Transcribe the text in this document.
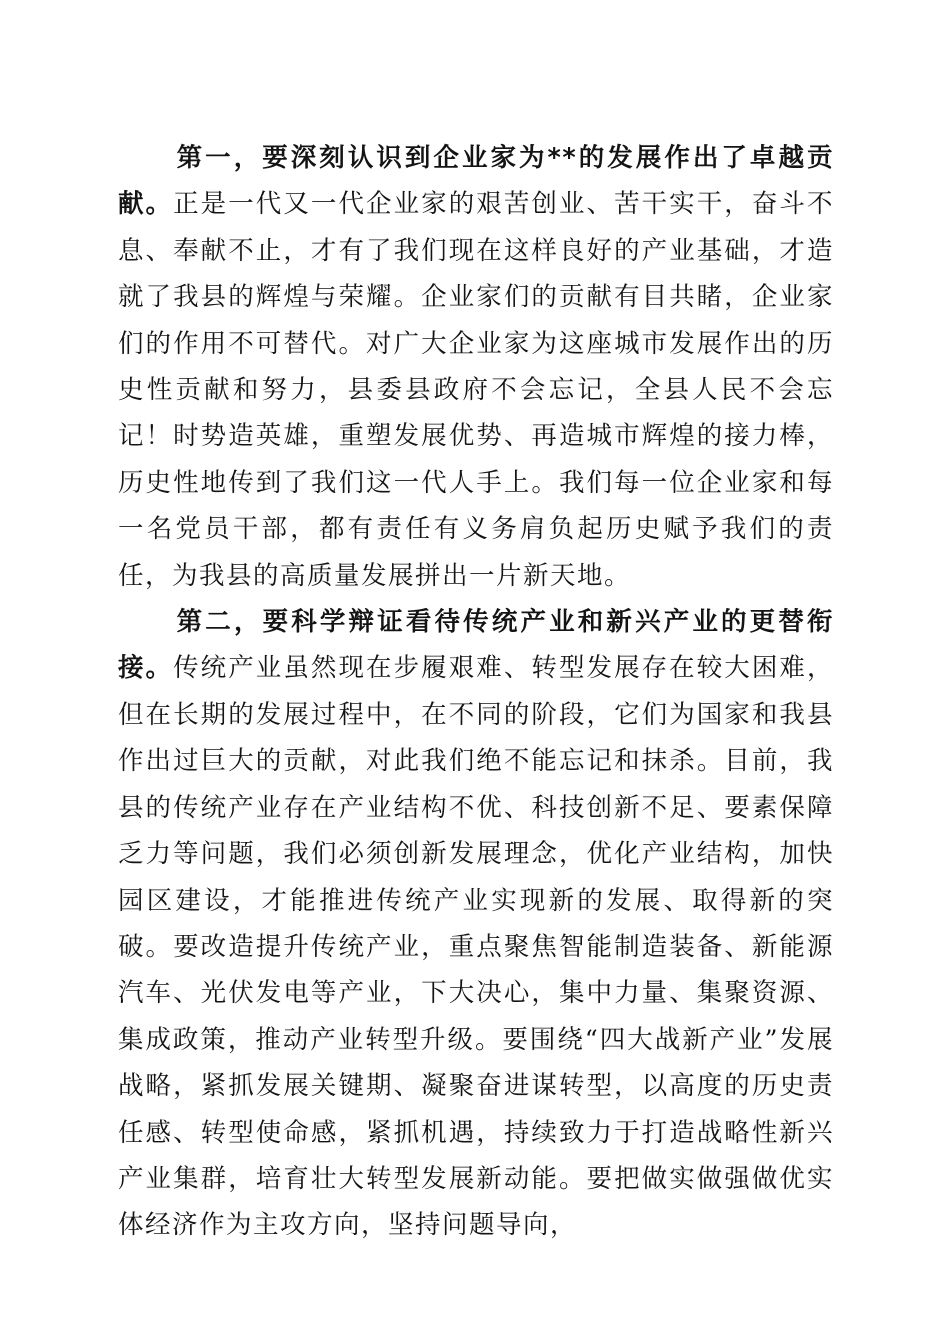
第一，要深刻认识到企业家为**的发展作出了卓越贡献。正是一代又一代企业家的艰苦创业、苦干实干，奋斗不息、奉献不止，才有了我们现在这样良好的产业基础，才造就了我县的辉煌与荣耀。企业家们的贡献有目共睹，企业家们的作用不可替代。对广大企业家为这座城市发展作出的历史性贡献和努力，县委县政府不会忘记，全县人民不会忘记！时势造英雄，重塑发展优势、再造城市辉煌的接力棒，历史性地传到了我们这一代人手上。我们每一位企业家和每一名党员干部，都有责任有义务肩负起历史赋予我们的责任，为我县的高质量发展拼出一片新天地。

第二，要科学辩证看待传统产业和新兴产业的更替衔接。传统产业虽然现在步履艰难、转型发展存在较大困难，但在长期的发展过程中，在不同的阶段，它们为国家和我县作出过巨大的贡献，对此我们绝不能忘记和抹杀。目前，我县的传统产业存在产业结构不优、科技创新不足、要素保障乏力等问题，我们必须创新发展理念，优化产业结构，加快园区建设，才能推进传统产业实现新的发展、取得新的突破。要改造提升传统产业，重点聚焦智能制造装备、新能源汽车、光伏发电等产业，下大决心，集中力量、集聚资源、集成政策，推动产业转型升级。要围绕“四大战新产业”发展战略，紧抓发展关键期、凝聚奋进谋转型，以高度的历史责任感、转型使命感，紧抓机遇，持续致力于打造战略性新兴产业集群，培育壮大转型发展新动能。要把做实做强做优实体经济作为主攻方向，坚持问题导向，
